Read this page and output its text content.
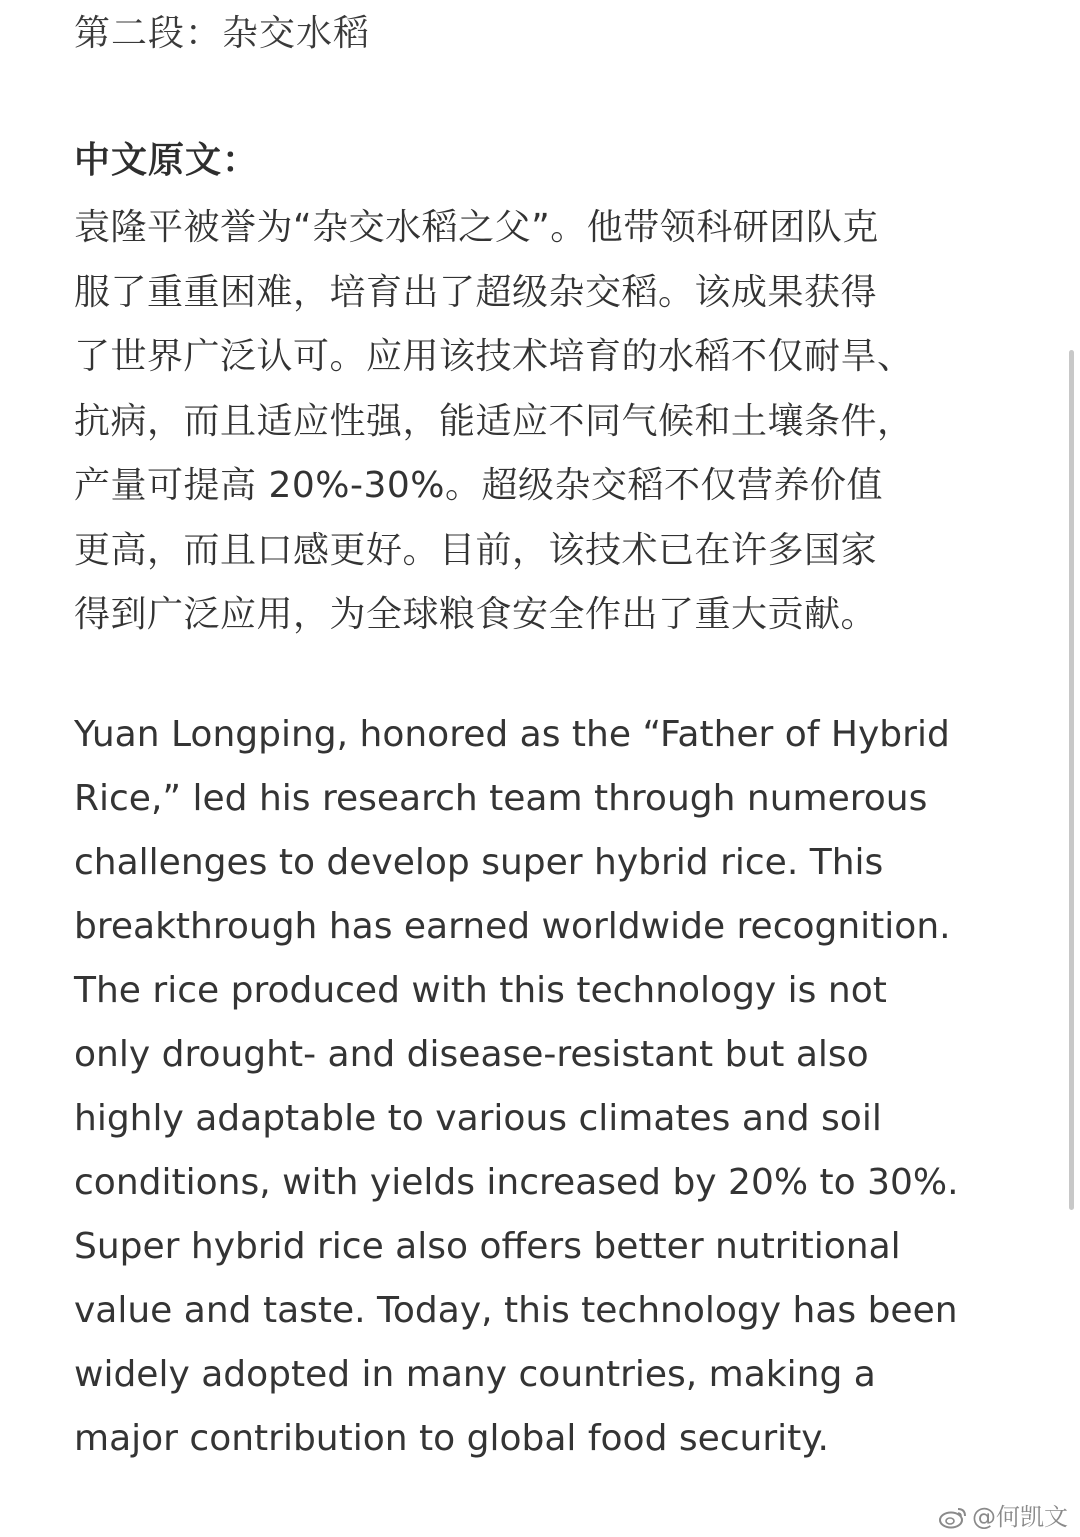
第二段：杂交水稻
中文原文：
袁隆平被誉为“杂交水稻之父”。他带领科研团队克
服了重重困难，培育出了超级杂交稻。该成果获得
了世界广泛认可。应用该技术培育的水稻不仅耐旱、
抗病，而且适应性强，能适应不同气候和土壤条件，
产量可提高 20%-30%。超级杂交稻不仅营养价值
更高，而且口感更好。目前，该技术已在许多国家
得到广泛应用，为全球粮食安全作出了重大贡献。
Yuan Longping, honored as the “Father of Hybrid
Rice,” led his research team through numerous
challenges to develop super hybrid rice. This
breakthrough has earned worldwide recognition.
The rice produced with this technology is not
only drought- and disease-resistant but also
highly adaptable to various climates and soil
conditions, with yields increased by 20% to 30%.
Super hybrid rice also offers better nutritional
value and taste. Today, this technology has been
widely adopted in many countries, making a
major contribution to global food security.
@何凯文
